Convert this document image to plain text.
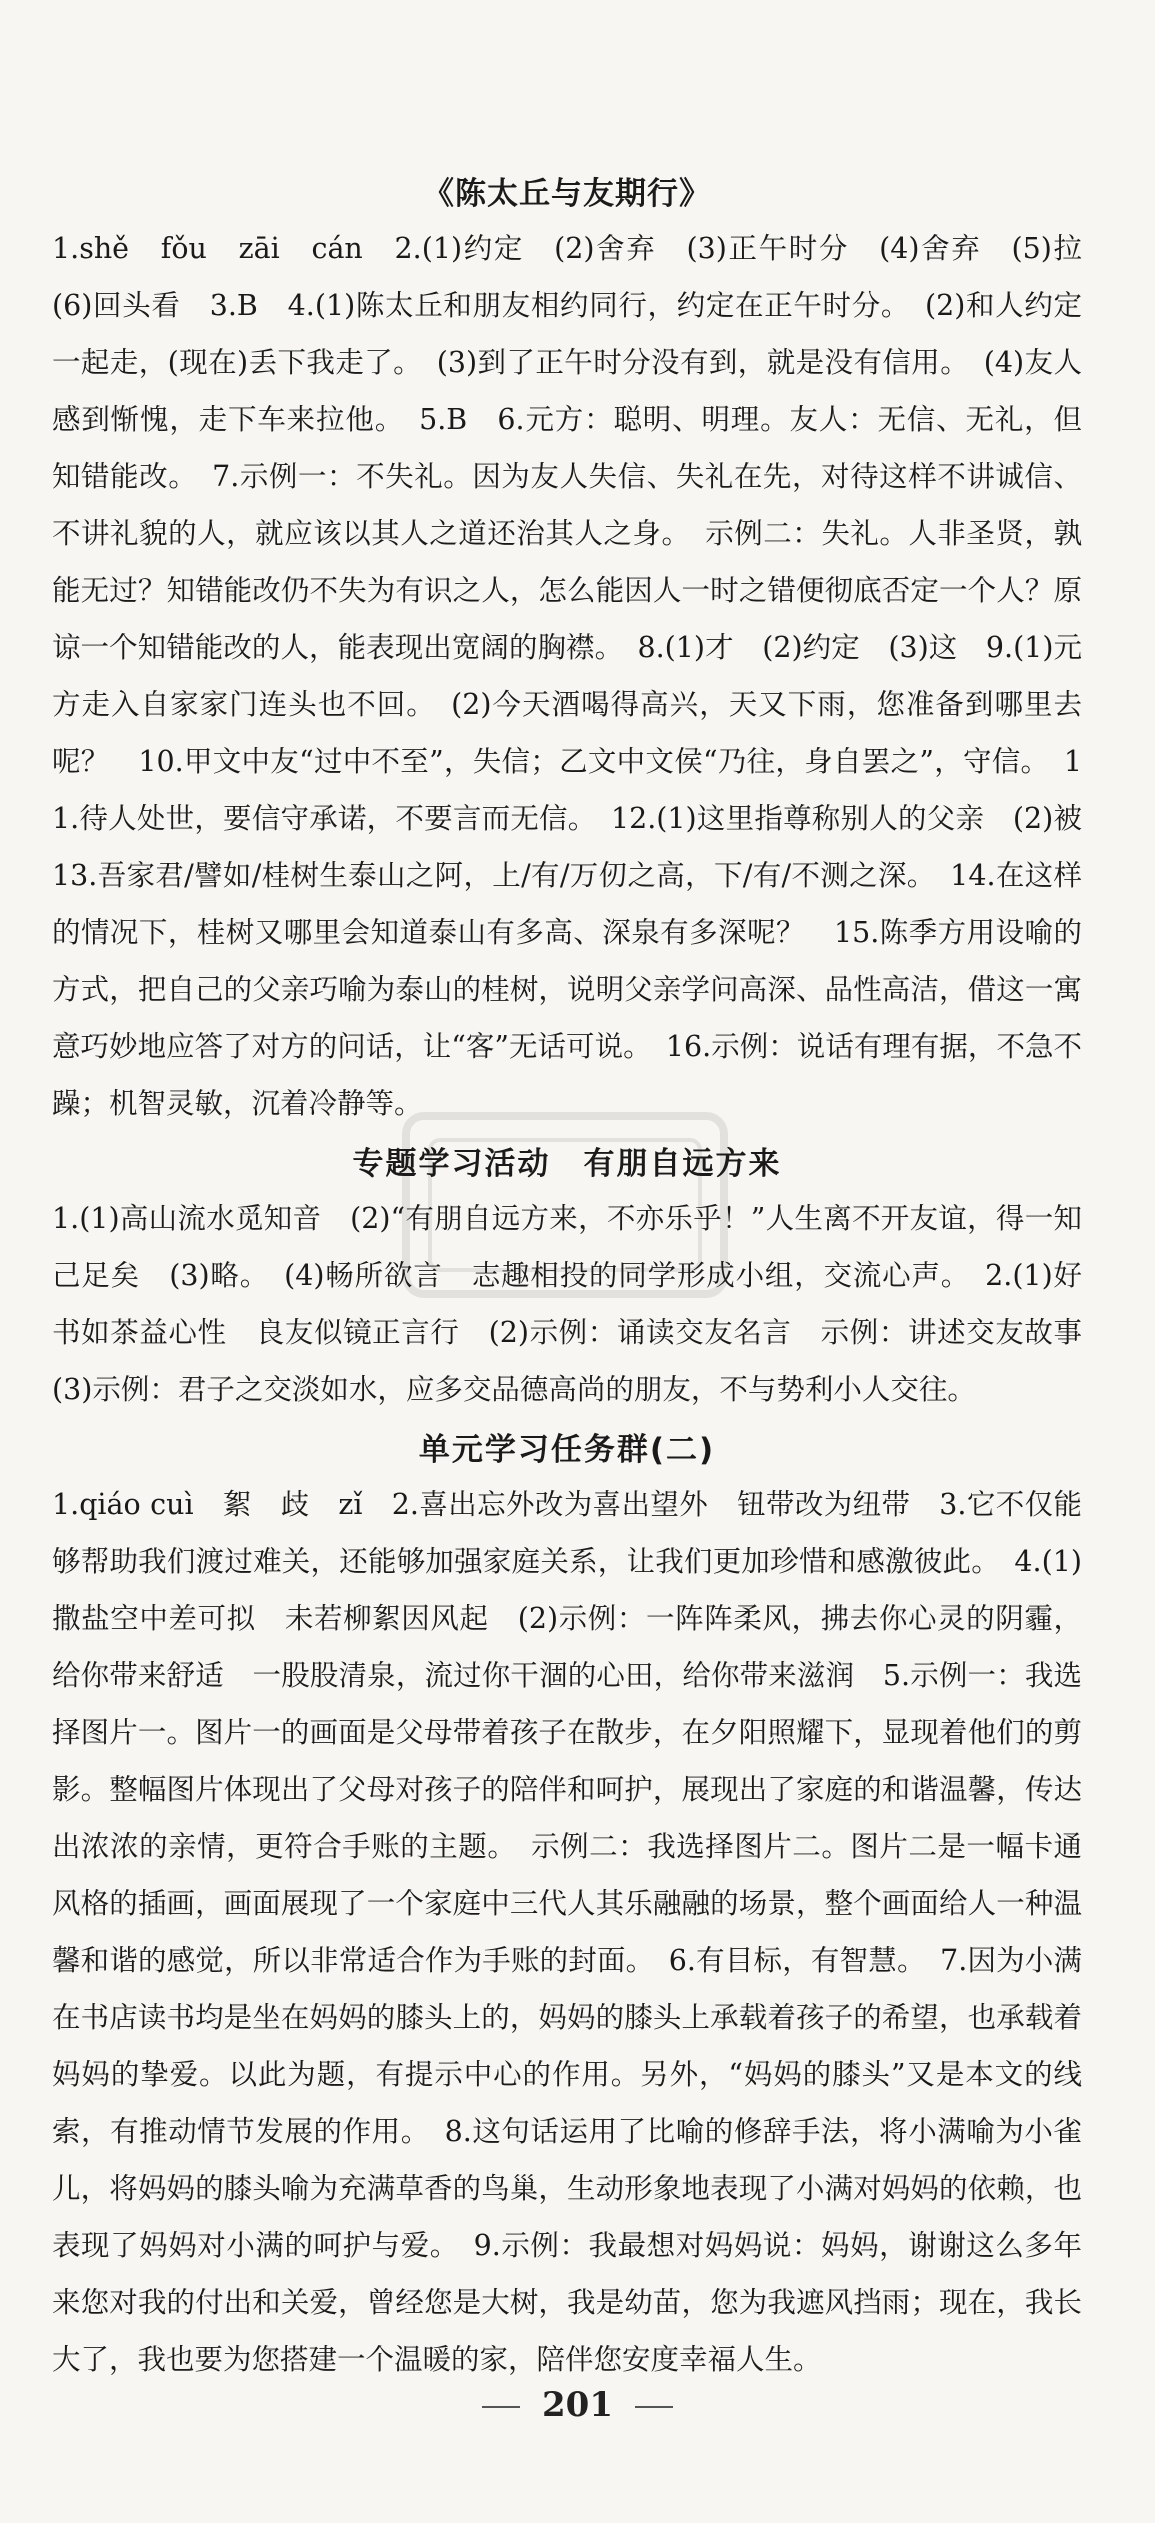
《陈太丘与友期行》

1.shě　fǒu　zāi　cán　2.(1)约定　(2)舍弃　(3)正午时分　(4)舍弃　(5)拉　(6)回头看　3.B　4.(1)陈太丘和朋友相约同行，约定在正午时分。　(2)和人约定一起走，(现在)丢下我走了。　(3)到了正午时分没有到，就是没有信用。　(4)友人感到惭愧，走下车来拉他。　5.B　6.元方：聪明、明理。友人：无信、无礼，但知错能改。　7.示例一：不失礼。因为友人失信、失礼在先，对待这样不讲诚信、不讲礼貌的人，就应该以其人之道还治其人之身。　示例二：失礼。人非圣贤，孰能无过？知错能改仍不失为有识之人，怎么能因人一时之错便彻底否定一个人？原谅一个知错能改的人，能表现出宽阔的胸襟。　8.(1)才　(2)约定　(3)这　9.(1)元方走入自家家门连头也不回。　(2)今天酒喝得高兴，天又下雨，您准备到哪里去呢？　10.甲文中友“过中不至”，失信；乙文中文侯“乃往，身自罢之”，守信。　11.待人处世，要信守承诺，不要言而无信。　12.(1)这里指尊称别人的父亲　(2)被　13.吾家君/譬如/桂树生泰山之阿，上/有/万仞之高，下/有/不测之深。　14.在这样的情况下，桂树又哪里会知道泰山有多高、深泉有多深呢？　15.陈季方用设喻的方式，把自己的父亲巧喻为泰山的桂树，说明父亲学问高深、品性高洁，借这一寓意巧妙地应答了对方的问话，让“客”无话可说。　16.示例：说话有理有据，不急不躁；机智灵敏，沉着冷静等。

专题学习活动　有朋自远方来

1.(1)高山流水觅知音　(2)“有朋自远方来，不亦乐乎！”人生离不开友谊，得一知己足矣　(3)略。　(4)畅所欲言　志趣相投的同学形成小组，交流心声。　2.(1)好书如茶益心性　良友似镜正言行　(2)示例：诵读交友名言　示例：讲述交友故事　(3)示例：君子之交淡如水，应多交品德高尚的朋友，不与势利小人交往。

单元学习任务群(二)

1.qiáo cuì　絮　歧　zǐ　2.喜出忘外改为喜出望外　钮带改为纽带　3.它不仅能够帮助我们渡过难关，还能够加强家庭关系，让我们更加珍惜和感激彼此。　4.(1)撒盐空中差可拟　未若柳絮因风起　(2)示例：一阵阵柔风，拂去你心灵的阴霾，给你带来舒适　一股股清泉，流过你干涸的心田，给你带来滋润　5.示例一：我选择图片一。图片一的画面是父母带着孩子在散步，在夕阳照耀下，显现着他们的剪影。整幅图片体现出了父母对孩子的陪伴和呵护，展现出了家庭的和谐温馨，传达出浓浓的亲情，更符合手账的主题。　示例二：我选择图片二。图片二是一幅卡通风格的插画，画面展现了一个家庭中三代人其乐融融的场景，整个画面给人一种温馨和谐的感觉，所以非常适合作为手账的封面。　6.有目标，有智慧。　7.因为小满在书店读书均是坐在妈妈的膝头上的，妈妈的膝头上承载着孩子的希望，也承载着妈妈的挚爱。以此为题，有提示中心的作用。另外，“妈妈的膝头”又是本文的线索，有推动情节发展的作用。　8.这句话运用了比喻的修辞手法，将小满喻为小雀儿，将妈妈的膝头喻为充满草香的鸟巢，生动形象地表现了小满对妈妈的依赖，也表现了妈妈对小满的呵护与爱。　9.示例：我最想对妈妈说：妈妈，谢谢这么多年来您对我的付出和关爱，曾经您是大树，我是幼苗，您为我遮风挡雨；现在，我长大了，我也要为您搭建一个温暖的家，陪伴您安度幸福人生。

201
